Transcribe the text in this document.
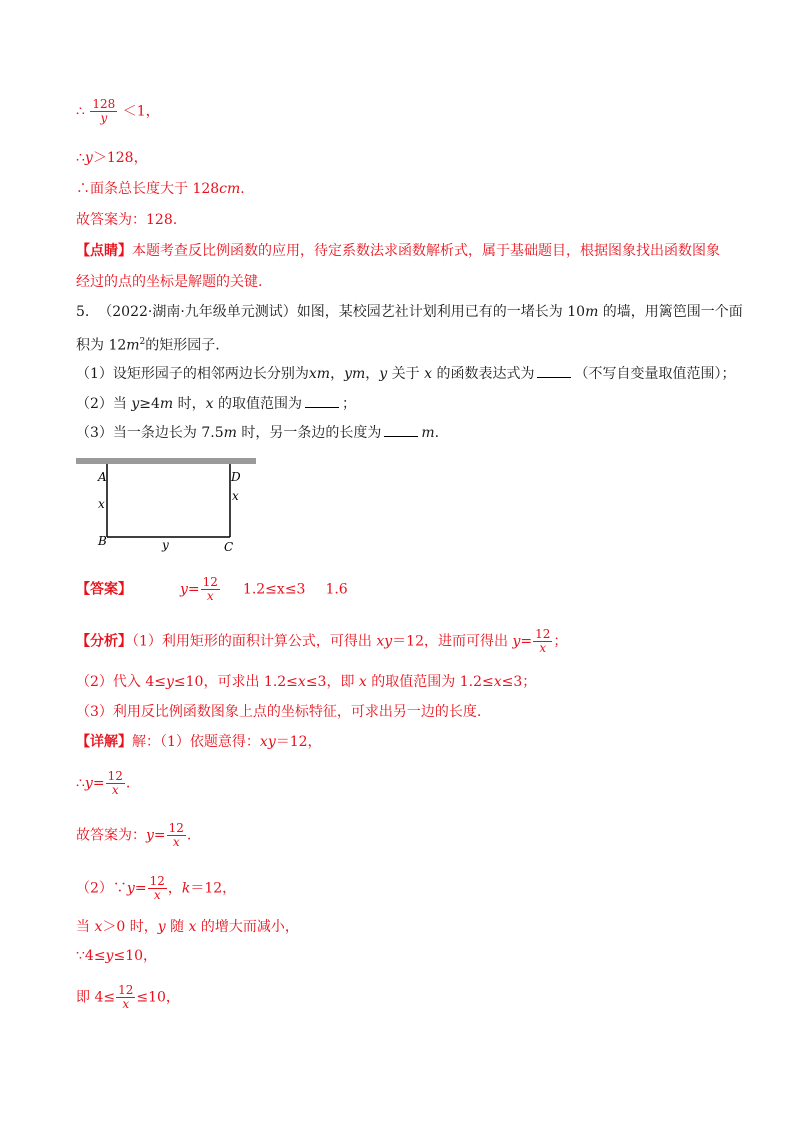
∴ $\frac{128}{y} <1$，
∴y＞128，
∴面条总长度大于 128cm.
故答案为：128.
【点睛】本题考查反比例函数的应用，待定系数法求函数解析式，属于基础题目，根据图象找出函数图象
经过的点的坐标是解题的关键.
5. （2022·湖南·九年级单元测试）如图，某校园艺社计划利用已有的一堵长为 10m 的墙，用篱笆围一个面
积为 $12m^2$的矩形园子.
（1）设矩形园子的相邻两边长分别为xm，ym，y 关于 x 的函数表达式为	（不写自变量取值范围）；
（2）当 y≥4m 时，x 的取值范围为	；
（3）当一条边长为 7.5m 时，另一条边的长度为	m.
A	D
x
x
B	y	C
【答案】	$y= \frac{12}{x} 1.2\le x\le 3$ 1.6
【分析】（1）利用矩形的面积计算公式，可得出 xy＝12，进而可得出 $y= \frac{12}{x}$ ；
（2）代入 4≤y≤10，可求出 1.2≤x≤3，即 x 的取值范围为 1.2≤x≤3；
（3）利用反比例函数图象上点的坐标特征，可求出另一边的长度.
【详解】解：（1）依题意得：xy＝12，
∴y= $\frac{12}{x}$ .
故答案为：$y= \frac{12}{x}$ .
（2）∵y= $\frac{12}{x}$ ，k＝12，
当 x＞0 时，y 随 x 的增大而减小，
∵4≤y≤10，
即 $4\le \frac{12}{x} \le 10$，
